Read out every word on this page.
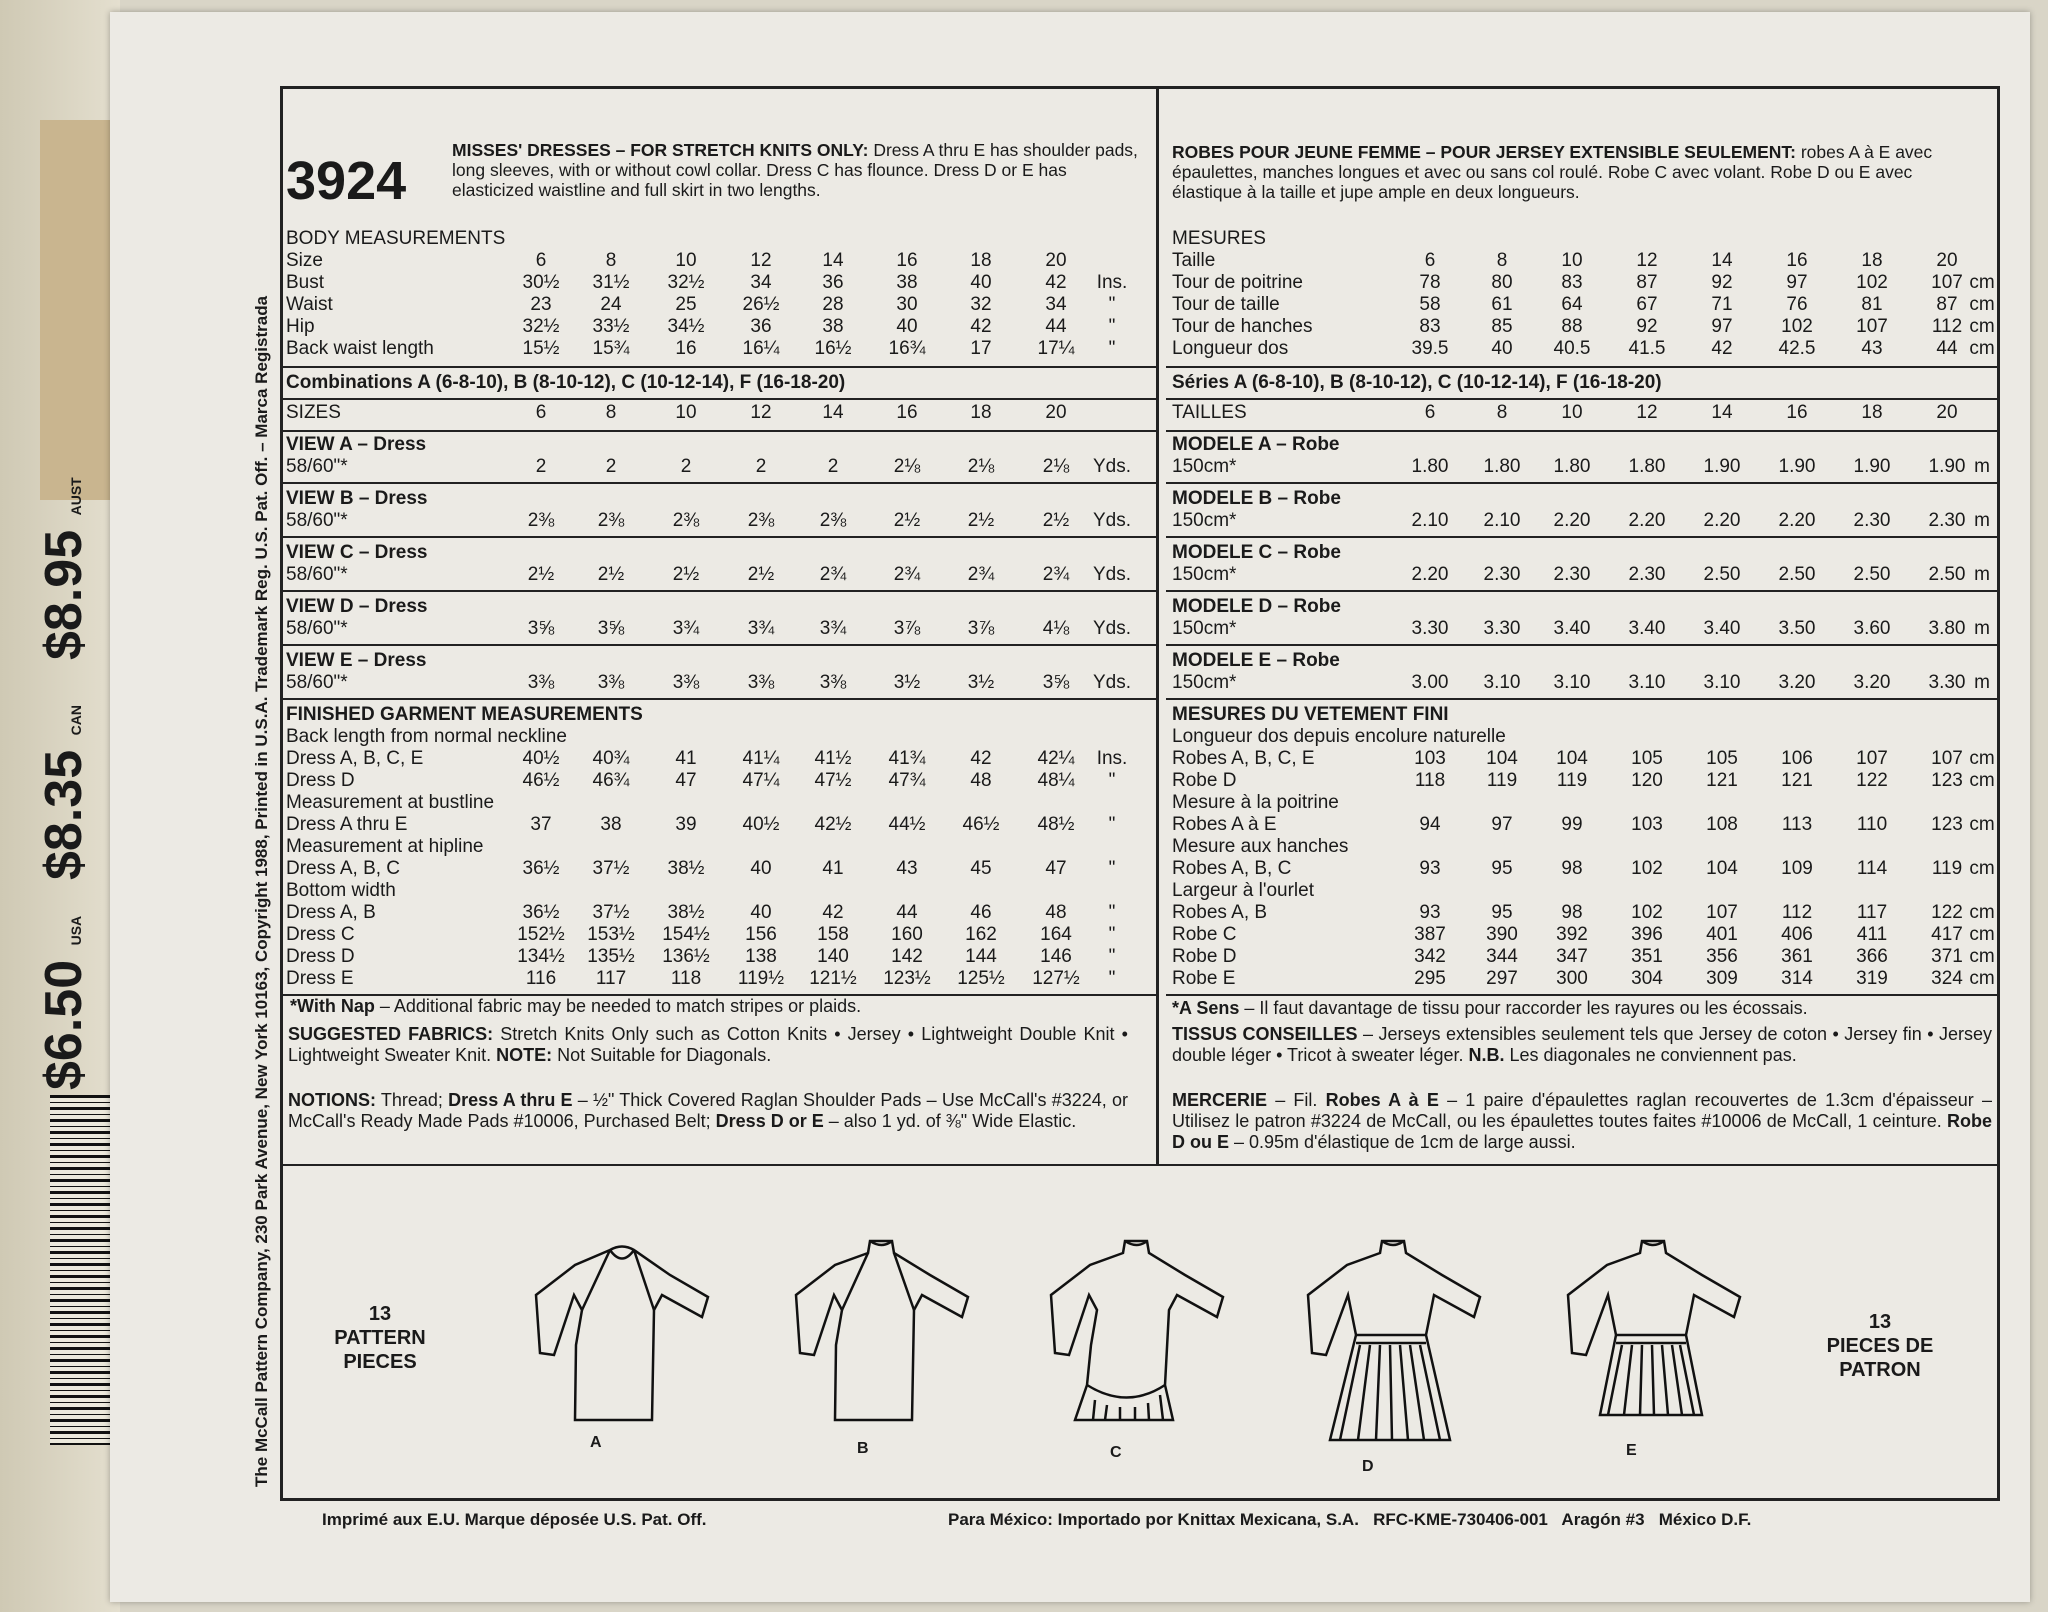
$6.50 USA
$8.35 CAN
$8.95 AUST	The McCall Pattern Company, 230 Park Avenue, New York 10163, Copyright 1988, Printed in U.S.A. Trademark Reg. U.S. Pat. Off. – Marca Registrada
3924
MISSES' DRESSES – FOR STRETCH KNITS ONLY: Dress A thru E has shoulder pads, long sleeves, with or without cowl collar. Dress C has flounce. Dress D or E has elasticized waistline and full skirt in two lengths.
ROBES POUR JEUNE FEMME – POUR JERSEY EXTENSIBLE SEULEMENT: robes A à E avec épaulettes, manches longues et avec ou sans col roulé. Robe C avec volant. Robe D ou E avec élastique à la taille et jupe ample en deux longueurs.
BODY MEASUREMENTS
Size	6	8	10	12	14	16	18	20
Bust	30½	31½	32½	34	36	38	40	42	Ins.
Waist	23	24	25	26½	28	30	32	34	"
Hip	32½	33½	34½	36	38	40	42	44	"
Back waist length	15½	15¾	16	16¼	16½	16¾	17	17¼	"
Combinations A (6-8-10), B (8-10-12), C (10-12-14), F (16-18-20)
SIZES	6	8	10	12	14	16	18	20
VIEW A – Dress
58/60"*	2	2	2	2	2	2⅛	2⅛	2⅛	Yds.
VIEW B – Dress
58/60"*	2⅜	2⅜	2⅜	2⅜	2⅜	2½	2½	2½	Yds.
VIEW C – Dress
58/60"*	2½	2½	2½	2½	2¾	2¾	2¾	2¾	Yds.
VIEW D – Dress
58/60"*	3⅝	3⅝	3¾	3¾	3¾	3⅞	3⅞	4⅛	Yds.
VIEW E – Dress
58/60"*	3⅜	3⅜	3⅜	3⅜	3⅜	3½	3½	3⅝	Yds.
FINISHED GARMENT MEASUREMENTS
Back length from normal neckline
Dress A, B, C, E	40½	40¾	41	41¼	41½	41¾	42	42¼	Ins.
Dress D	46½	46¾	47	47¼	47½	47¾	48	48¼	"
Measurement at bustline
Dress A thru E	37	38	39	40½	42½	44½	46½	48½	"
Measurement at hipline
Dress A, B, C	36½	37½	38½	40	41	43	45	47	"
Bottom width
Dress A, B	36½	37½	38½	40	42	44	46	48	"
Dress C	152½	153½	154½	156	158	160	162	164	"
Dress D	134½	135½	136½	138	140	142	144	146	"
Dress E	116	117	118	119½	121½	123½	125½	127½	"
MESURES
Taille	6	8	10	12	14	16	18	20
Tour de poitrine	78	80	83	87	92	97	102	107 cm
Tour de taille	58	61	64	67	71	76	81	87 cm
Tour de hanches	83	85	88	92	97	102	107	112 cm
Longueur dos	39.5	40	40.5	41.5	42	42.5	43	44 cm
Séries A (6-8-10), B (8-10-12), C (10-12-14), F (16-18-20)
TAILLES	6	8	10	12	14	16	18	20
MODELE A – Robe
150cm*	1.80	1.80	1.80	1.80	1.90	1.90	1.90	1.90 m
MODELE B – Robe
150cm*	2.10	2.10	2.20	2.20	2.20	2.20	2.30	2.30 m
MODELE C – Robe
150cm*	2.20	2.30	2.30	2.30	2.50	2.50	2.50	2.50 m
MODELE D – Robe
150cm*	3.30	3.30	3.40	3.40	3.40	3.50	3.60	3.80 m
MODELE E – Robe
150cm*	3.00	3.10	3.10	3.10	3.10	3.20	3.20	3.30 m
MESURES DU VETEMENT FINI
Longueur dos depuis encolure naturelle
Robes A, B, C, E	103	104	104	105	105	106	107	107 cm
Robe D	118	119	119	120	121	121	122	123 cm
Mesure à la poitrine
Robes A à E	94	97	99	103	108	113	110	123 cm
Mesure aux hanches
Robes A, B, C	93	95	98	102	104	109	114	119 cm
Largeur à l'ourlet
Robes A, B	93	95	98	102	107	112	117	122 cm
Robe C	387	390	392	396	401	406	411	417 cm
Robe D	342	344	347	351	356	361	366	371 cm
Robe E	295	297	300	304	309	314	319	324 cm
*With Nap – Additional fabric may be needed to match stripes or plaids.	*A Sens – Il faut davantage de tissu pour raccorder les rayures ou les écossais.
SUGGESTED FABRICS: Stretch Knits Only such as Cotton Knits • Jersey • Lightweight Double Knit • Lightweight Sweater Knit. NOTE: Not Suitable for Diagonals.
TISSUS CONSEILLES – Jerseys extensibles seulement tels que Jersey de coton • Jersey fin • Jersey double léger • Tricot à sweater léger. N.B. Les diagonales ne conviennent pas.
NOTIONS: Thread; Dress A thru E – ½" Thick Covered Raglan Shoulder Pads – Use McCall's #3224, or McCall's Ready Made Pads #10006, Purchased Belt; Dress D or E – also 1 yd. of ⅜" Wide Elastic.
MERCERIE – Fil. Robes A à E – 1 paire d'épaulettes raglan recouvertes de 1.3cm d'épaisseur – Utilisez le patron #3224 de McCall, ou les épaulettes toutes faites #10006 de McCall, 1 ceinture. Robe D ou E – 0.95m d'élastique de 1cm de large aussi.
13
PATTERN PIECES
13
PIECES DE PATRON
A	B	C
D
E
Imprimé aux E.U. Marque déposée U.S. Pat. Off.	Para México: Importado por Knittax Mexicana, S.A.   RFC-KME-730406-001   Aragón #3   México D.F.
